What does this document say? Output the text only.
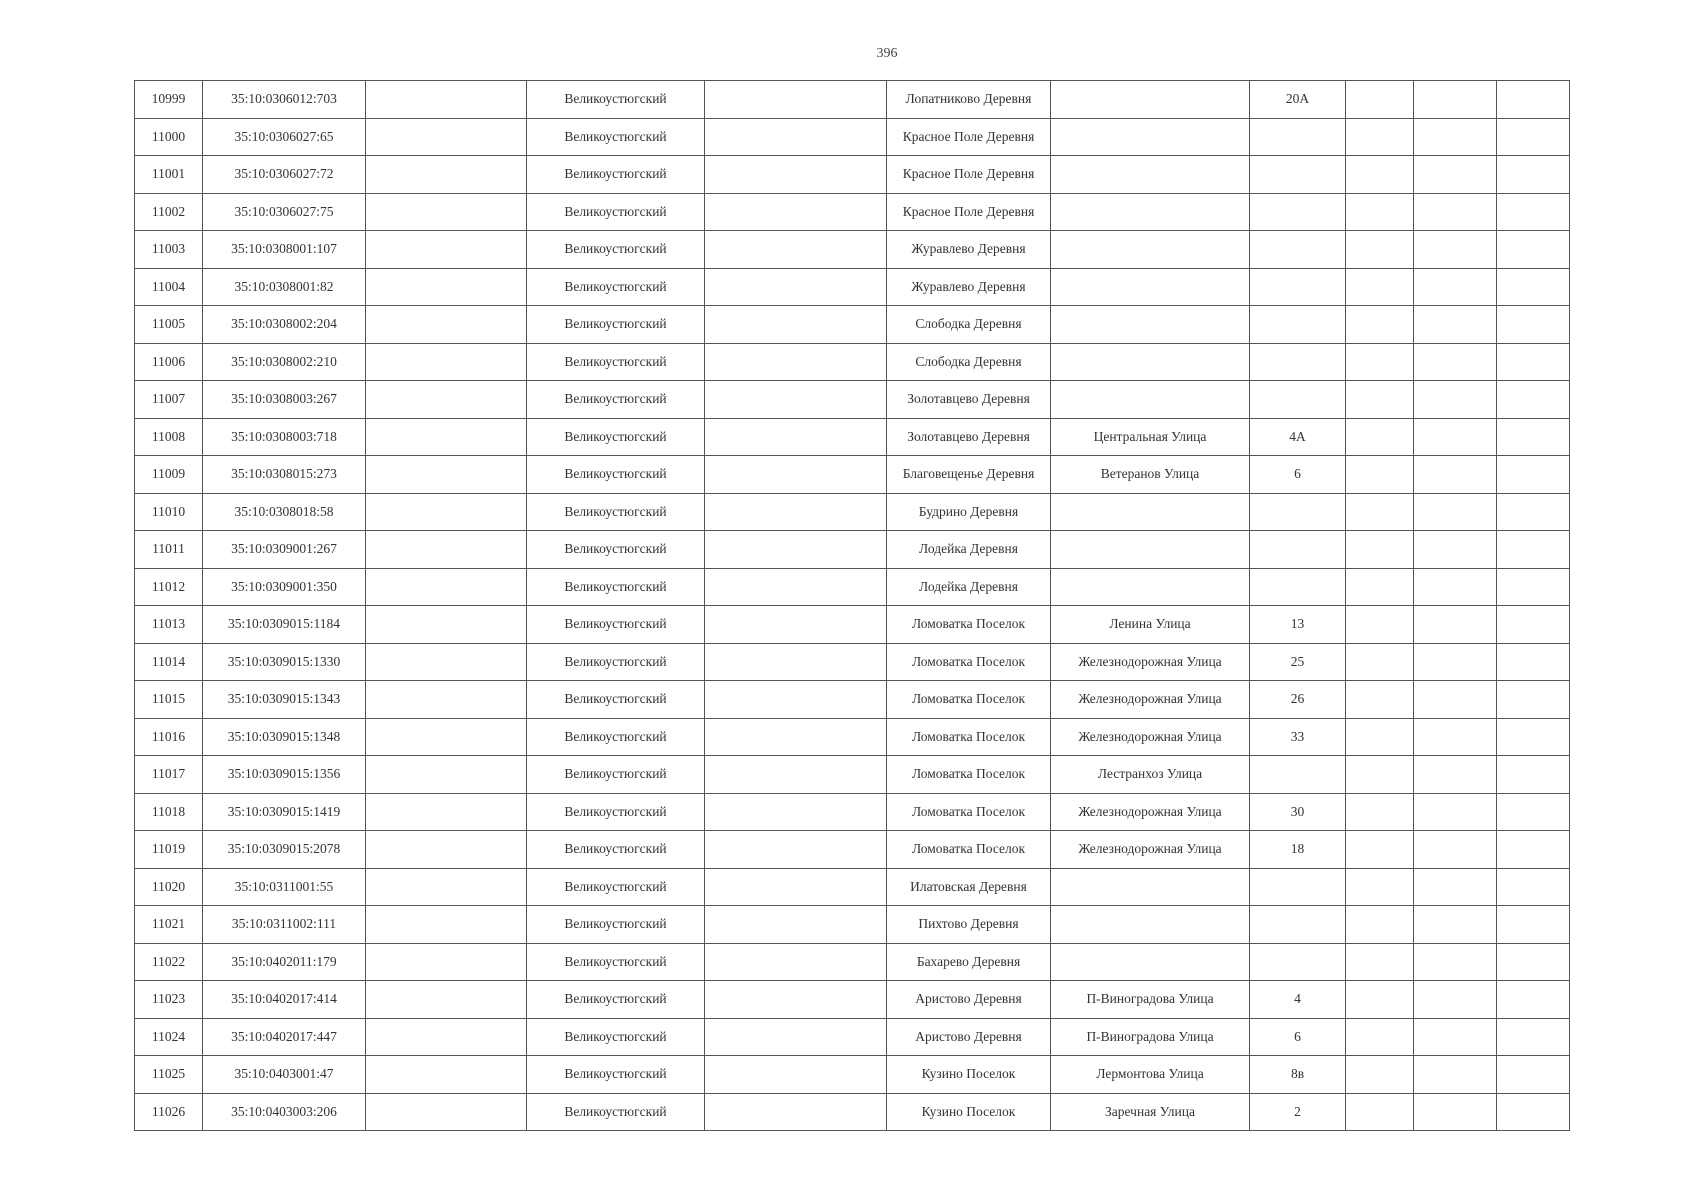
396
10999	35:10:0306012:703		Великоустюгский		Лопатниково Деревня		20А			
11000	35:10:0306027:65		Великоустюгский		Красное Поле Деревня					
11001	35:10:0306027:72		Великоустюгский		Красное Поле Деревня					
11002	35:10:0306027:75		Великоустюгский		Красное Поле Деревня					
11003	35:10:0308001:107		Великоустюгский		Журавлево Деревня					
11004	35:10:0308001:82		Великоустюгский		Журавлево Деревня					
11005	35:10:0308002:204		Великоустюгский		Слободка Деревня					
11006	35:10:0308002:210		Великоустюгский		Слободка Деревня					
11007	35:10:0308003:267		Великоустюгский		Золотавцево Деревня					
11008	35:10:0308003:718		Великоустюгский		Золотавцево Деревня	Центральная Улица	4А			
11009	35:10:0308015:273		Великоустюгский		Благовещенье Деревня	Ветеранов Улица	6			
11010	35:10:0308018:58		Великоустюгский		Будрино Деревня					
11011	35:10:0309001:267		Великоустюгский		Лодейка Деревня					
11012	35:10:0309001:350		Великоустюгский		Лодейка Деревня					
11013	35:10:0309015:1184		Великоустюгский		Ломоватка Поселок	Ленина Улица	13			
11014	35:10:0309015:1330		Великоустюгский		Ломоватка Поселок	Железнодорожная Улица	25			
11015	35:10:0309015:1343		Великоустюгский		Ломоватка Поселок	Железнодорожная Улица	26			
11016	35:10:0309015:1348		Великоустюгский		Ломоватка Поселок	Железнодорожная Улица	33			
11017	35:10:0309015:1356		Великоустюгский		Ломоватка Поселок	Лестранхоз Улица				
11018	35:10:0309015:1419		Великоустюгский		Ломоватка Поселок	Железнодорожная Улица	30			
11019	35:10:0309015:2078		Великоустюгский		Ломоватка Поселок	Железнодорожная Улица	18			
11020	35:10:0311001:55		Великоустюгский		Илатовская Деревня					
11021	35:10:0311002:111		Великоустюгский		Пихтово Деревня					
11022	35:10:0402011:179		Великоустюгский		Бахарево Деревня					
11023	35:10:0402017:414		Великоустюгский		Аристово Деревня	П-Виноградова Улица	4			
11024	35:10:0402017:447		Великоустюгский		Аристово Деревня	П-Виноградова Улица	6			
11025	35:10:0403001:47		Великоустюгский		Кузино Поселок	Лермонтова Улица	8в			
11026	35:10:0403003:206		Великоустюгский		Кузино Поселок	Заречная Улица	2			
